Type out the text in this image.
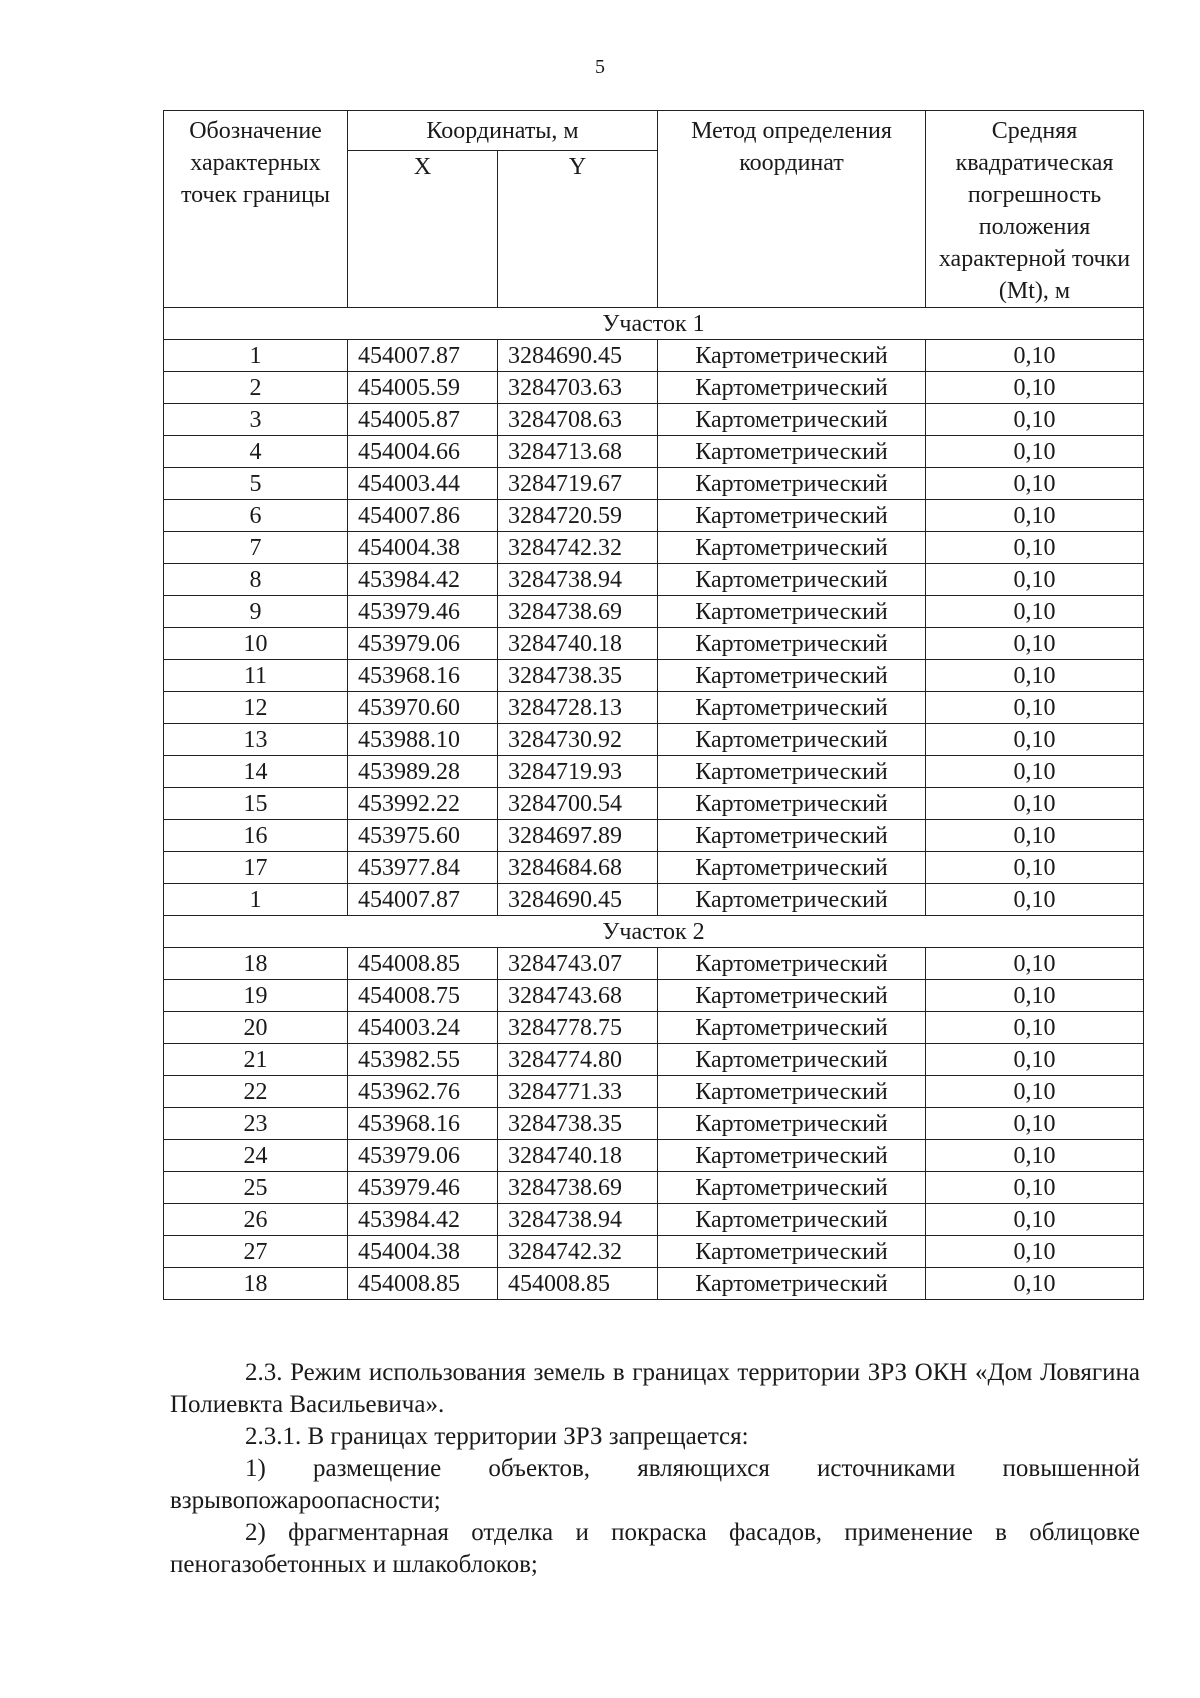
5
Обозначение характерных точек границы	Координаты, м		Метод определения координат	Средняя квадратическая погрешность положения характерной точки (Mt), м
	X	Y		
Участок 1				
1	454007.87	3284690.45	Картометрический	0,10
2	454005.59	3284703.63	Картометрический	0,10
3	454005.87	3284708.63	Картометрический	0,10
4	454004.66	3284713.68	Картометрический	0,10
5	454003.44	3284719.67	Картометрический	0,10
6	454007.86	3284720.59	Картометрический	0,10
7	454004.38	3284742.32	Картометрический	0,10
8	453984.42	3284738.94	Картометрический	0,10
9	453979.46	3284738.69	Картометрический	0,10
10	453979.06	3284740.18	Картометрический	0,10
11	453968.16	3284738.35	Картометрический	0,10
12	453970.60	3284728.13	Картометрический	0,10
13	453988.10	3284730.92	Картометрический	0,10
14	453989.28	3284719.93	Картометрический	0,10
15	453992.22	3284700.54	Картометрический	0,10
16	453975.60	3284697.89	Картометрический	0,10
17	453977.84	3284684.68	Картометрический	0,10
1	454007.87	3284690.45	Картометрический	0,10
Участок 2				
18	454008.85	3284743.07	Картометрический	0,10
19	454008.75	3284743.68	Картометрический	0,10
20	454003.24	3284778.75	Картометрический	0,10
21	453982.55	3284774.80	Картометрический	0,10
22	453962.76	3284771.33	Картометрический	0,10
23	453968.16	3284738.35	Картометрический	0,10
24	453979.06	3284740.18	Картометрический	0,10
25	453979.46	3284738.69	Картометрический	0,10
26	453984.42	3284738.94	Картометрический	0,10
27	454004.38	3284742.32	Картометрический	0,10
18	454008.85	454008.85	Картометрический	0,10

2.3. Режим использования земель в границах территории ЗРЗ ОКН «Дом Ловягина Полиевкта Васильевича».

2.3.1. В границах территории ЗРЗ запрещается:

1) размещение объектов, являющихся источниками повышенной взрывопожароопасности;

2) фрагментарная отделка и покраска фасадов, применение в облицовке пеногазобетонных и шлакоблоков;
